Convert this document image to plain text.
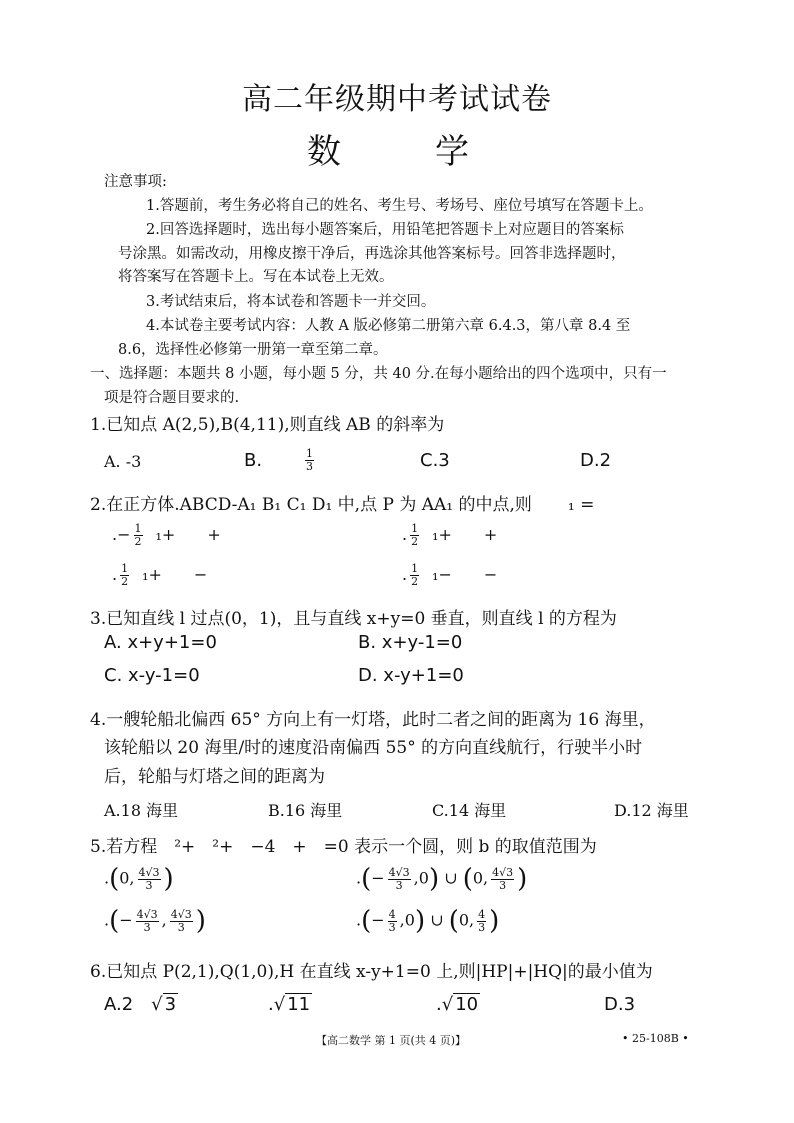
高二年级期中考试试卷
数　学
注意事项:
1.答题前，考生务必将自己的姓名、考生号、考场号、座位号填写在答题卡上。
2.回答选择题时，选出每小题答案后，用铅笔把答题卡上对应题目的答案标
号涂黑。如需改动，用橡皮擦干净后，再选涂其他答案标号。回答非选择题时，
将答案写在答题卡上。写在本试卷上无效。
3.考试结束后，将本试卷和答题卡一并交回。
4.本试卷主要考试内容：人教 A 版必修第二册第六章 6.4.3，第八章 8.4 至
8.6，选择性必修第一册第一章至第二章。
一、选择题：本题共 8 小题，每小题 5 分，共 40 分.在每小题给出的四个选项中，只有一
项是符合题目要求的.
1.已知点 A(2,5),B(4,11),则直线 AB 的斜率为
A. -3	B.	$\frac{1}{3}$	C.3	D.2
2.在正方体.ABCD-A₁ B₁ C₁ D₁ 中,点 P 为 AA₁ 的中点,则 ₁ =
.− $\frac{1}{2} _1+$　　+	. $\frac{1}{2} _1+$　　+
. $\frac{1}{2} _1+$　　−	. $\frac{1}{2} _1-$　　−
3.已知直线 l 过点(0，1)，且与直线 x+y=0 垂直，则直线 l 的方程为
A. x+y+1=0	B. x+y-1=0
C. x-y-1=0	D. x-y+1=0
4.一艘轮船北偏西 65° 方向上有一灯塔，此时二者之间的距离为 16 海里，
该轮船以 20 海里/时的速度沿南偏西 55° 的方向直线航行，行驶半小时
后，轮船与灯塔之间的距离为
A.18 海里	B.16 海里	C.14 海里	D.12 海里
5.若方程　²+　²+　−4　+　=0 表示一个圆，则 b 的取值范围为
.(0, $\frac{4√3}{3}$ )	.(− $\frac{4√3}{3} ,0$) ∪ (0, $\frac{4√3}{3}$ )
.(− $\frac{4√3}{3}$ , $\frac{4√3}{3}$ )	.(− $\frac{4}{3} ,0$) ∪ (0, $\frac{4}{3}$ )
6.已知点 P(2,1),Q(1,0),H 在直线 x-y+1=0 上,则|HP|+|HQ|的最小值为
A.2 √ 3	.√ 11	.√ 10	D.3
【高二数学 第 1 页(共 4 页)】	• 25-108B •
